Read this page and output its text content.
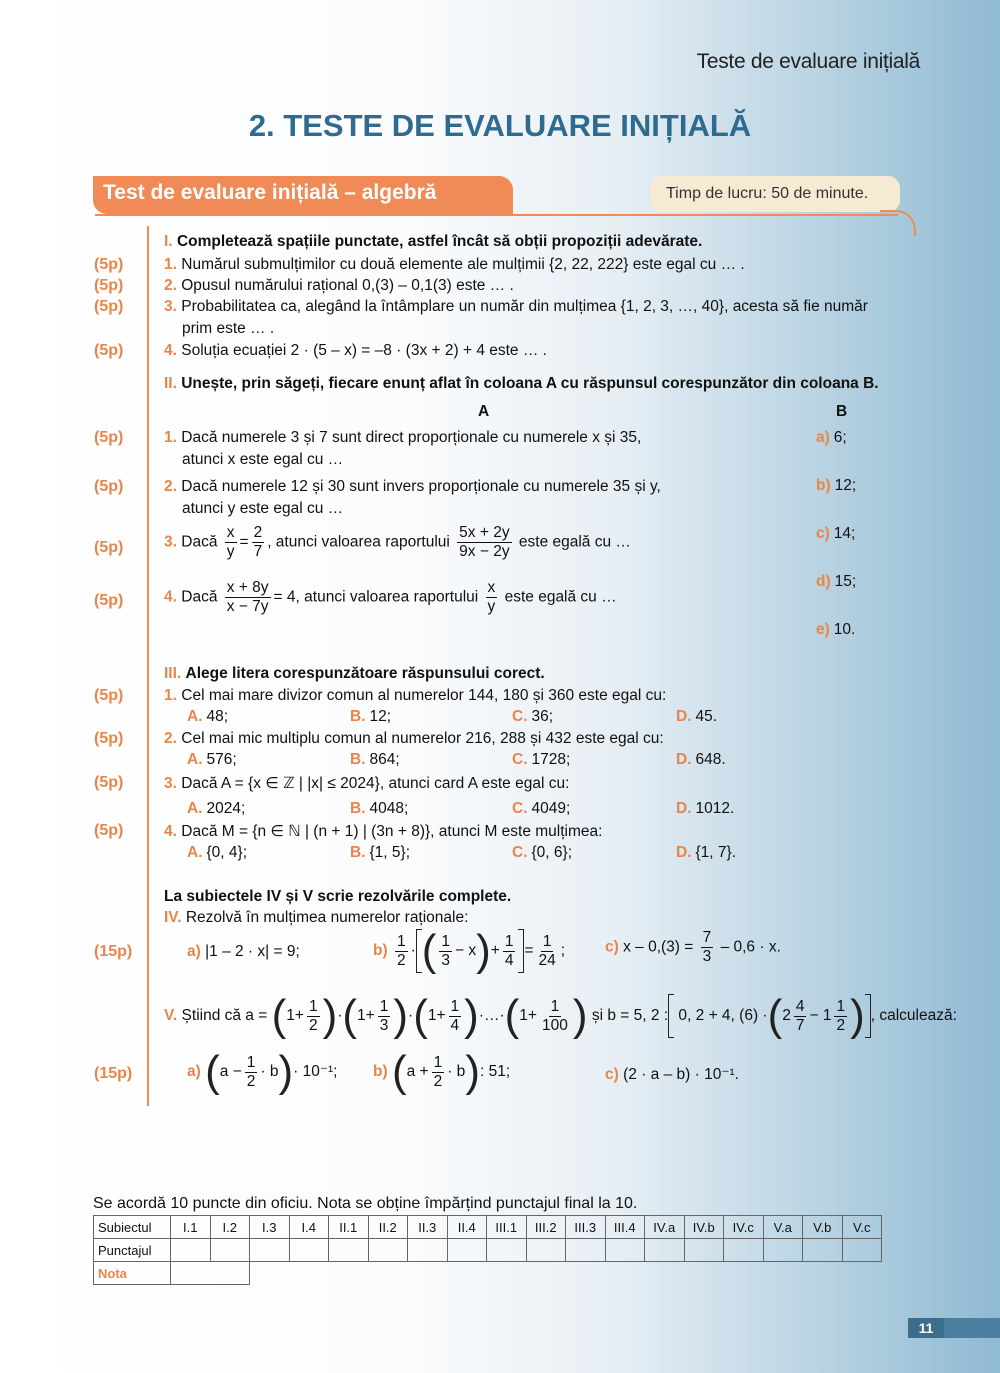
Teste de evaluare inițială
2. TESTE DE EVALUARE INIȚIALĂ
Test de evaluare inițială – algebră	Timp de lucru: 50 de minute.
I. Completează spațiile punctate, astfel încât să obții propoziții adevărate.
(5p)	1. Numărul submulțimilor cu două elemente ale mulțimii {2, 22, 222} este egal cu … .
(5p)	2. Opusul numărului rațional 0,(3) – 0,1(3) este … .
(5p)	3. Probabilitatea ca, alegând la întâmplare un număr din mulțimea {1, 2, 3, …, 40}, acesta să fie număr
prim este … .
(5p)	4. Soluția ecuației 2 · (5 – x) = –8 · (3x + 2) + 4 este … .
II. Unește, prin săgeți, fiecare enunț aflat în coloana A cu răspunsul corespunzător din coloana B.
A	B
(5p)	1. Dacă numerele 3 și 7 sunt direct proporționale cu numerele x și 35,
atunci x este egal cu …
(5p)	2. Dacă numerele 12 și 30 sunt invers proporționale cu numerele 35 și y,
atunci y este egal cu …
(5p)	3. Dacă $\frac{x}{y} = \frac{2}{7}$ , atunci valoarea raportului $\frac{5x + 2y}{9x - 2y}$ este egală cu …
(5p)	4. Dacă $\frac{x + 8y}{x - 7y} = 4$, atunci valoarea raportului $\frac{x}{y}$ este egală cu …
a) 6;
b) 12;
c) 14;
d) 15;
e) 10.
III. Alege litera corespunzătoare răspunsului corect.
(5p)	1. Cel mai mare divizor comun al numerelor 144, 180 și 360 este egal cu:
A. 48;	B. 12;	C. 36;	D. 45.
(5p)	2. Cel mai mic multiplu comun al numerelor 216, 288 și 432 este egal cu:
A. 576;	B. 864;	C. 1728;	D. 648.
(5p)	3. Dacă A = {x ∈ ℤ | |x| ≤ 2024}, atunci card A este egal cu:
A. 2024;	B. 4048;	C. 4049;	D. 1012.
(5p)	4. Dacă M = {n ∈ ℕ | (n + 1) | (3n + 8)}, atunci M este mulțimea:
A. {0, 4};	B. {1, 5};	C. {0, 6};	D. {1, 7}.
La subiectele IV și V scrie rezolvările complete.
IV. Rezolvă în mulțimea numerelor raționale:
(15p)	a) |1 – 2 · x| = 9;	$b) \frac{1}{2}$ · ( $\frac{1}{3} - x)+ \frac{1}{4} = \frac{1}{24}$ ;	c) $x - 0,(3) = \frac{7}{3} - 0,6 \cdot x$.
V. Știind că $a = (1+ \frac{1}{2} )\cdot(1+ \frac{1}{3} )\cdot(1+ \frac{1}{4}$ )·…·(1+ $\frac{1}{100}$ ) și b = 5, 2 : 0, 2 + 4, $(6) \cdot(2 \frac{4}{7} - 1 \frac{1}{2}$ ) , calculează:
(15p)	a) $(a - \frac{1}{2} \cdot b)\cdot 10^{-1}$; b) $(a + \frac{1}{2} \cdot b)$: 51;	c) (2 · a – b) · 10⁻¹.
Se acordă 10 puncte din oficiu. Nota se obține împărțind punctajul final la 10.
Subiectul	I.1	I.2	I.3	I.4	II.1	II.2	II.3	II.4	III.1	III.2	III.3	III.4	IV.a	IV.b	IV.c	V.a	V.b	V.c
Punctajul																		
Nota																		
11
